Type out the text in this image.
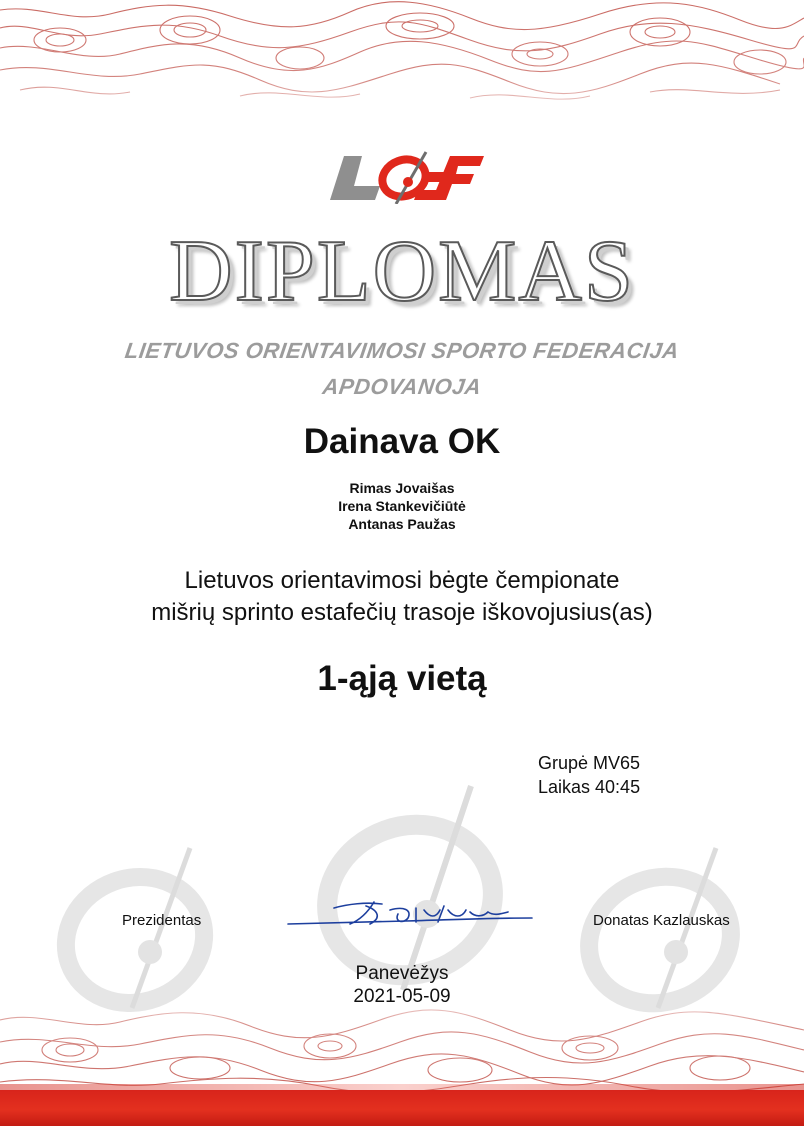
DIPLOMAS
LIETUVOS ORIENTAVIMOSI SPORTO FEDERACIJA
APDOVANOJA
Dainava OK
Rimas Jovaišas
Irena Stankevičiūtė
Antanas Paužas
Lietuvos orientavimosi bėgte čempionate
mišrių sprinto estafečių trasoje iškovojusius(as)
1-ąją vietą
Grupė MV65
Laikas 40:45
Prezidentas	Donatas Kazlauskas
Panevėžys
2021-05-09
